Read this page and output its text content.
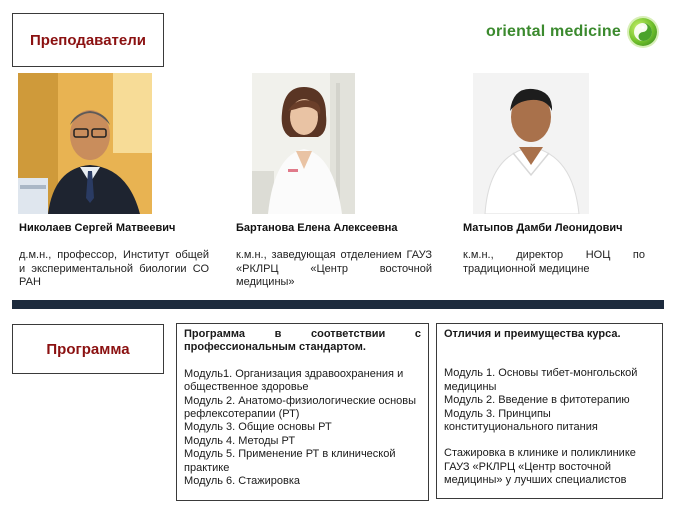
Преподаватели	oriental medicine
Николаев Сергей Матвеевич	Бартанова Елена Алексеевна	Матыпов Дамби Леонидович
д.м.н., профессор, Институт общей и экспериментальной биологии СО РАН
к.м.н., заведующая отделением ГАУЗ «РКЛРЦ «Центр восточной медицины»
к.м.н., директор НОЦ по традиционной медицине
Программа
Программа в соответствии с профессиональным стандартом.
Модуль1. Организация здравоохранения и общественное здоровье
Модуль 2. Анатомо-физиологические основы рефлексотерапии (РТ)
Модуль 3. Общие основы РТ
Модуль 4. Методы РТ
Модуль 5. Применение РТ в клинической практике
Модуль 6. Стажировка
Отличия и преимущества курса.
Модуль 1. Основы тибет-монгольской медицины
Модуль 2. Введение в фитотерапию
Модуль 3. Принципы конституционального питания
Стажировка в клинике и поликлинике ГАУЗ «РКЛРЦ «Центр восточной медицины» у лучших специалистов
